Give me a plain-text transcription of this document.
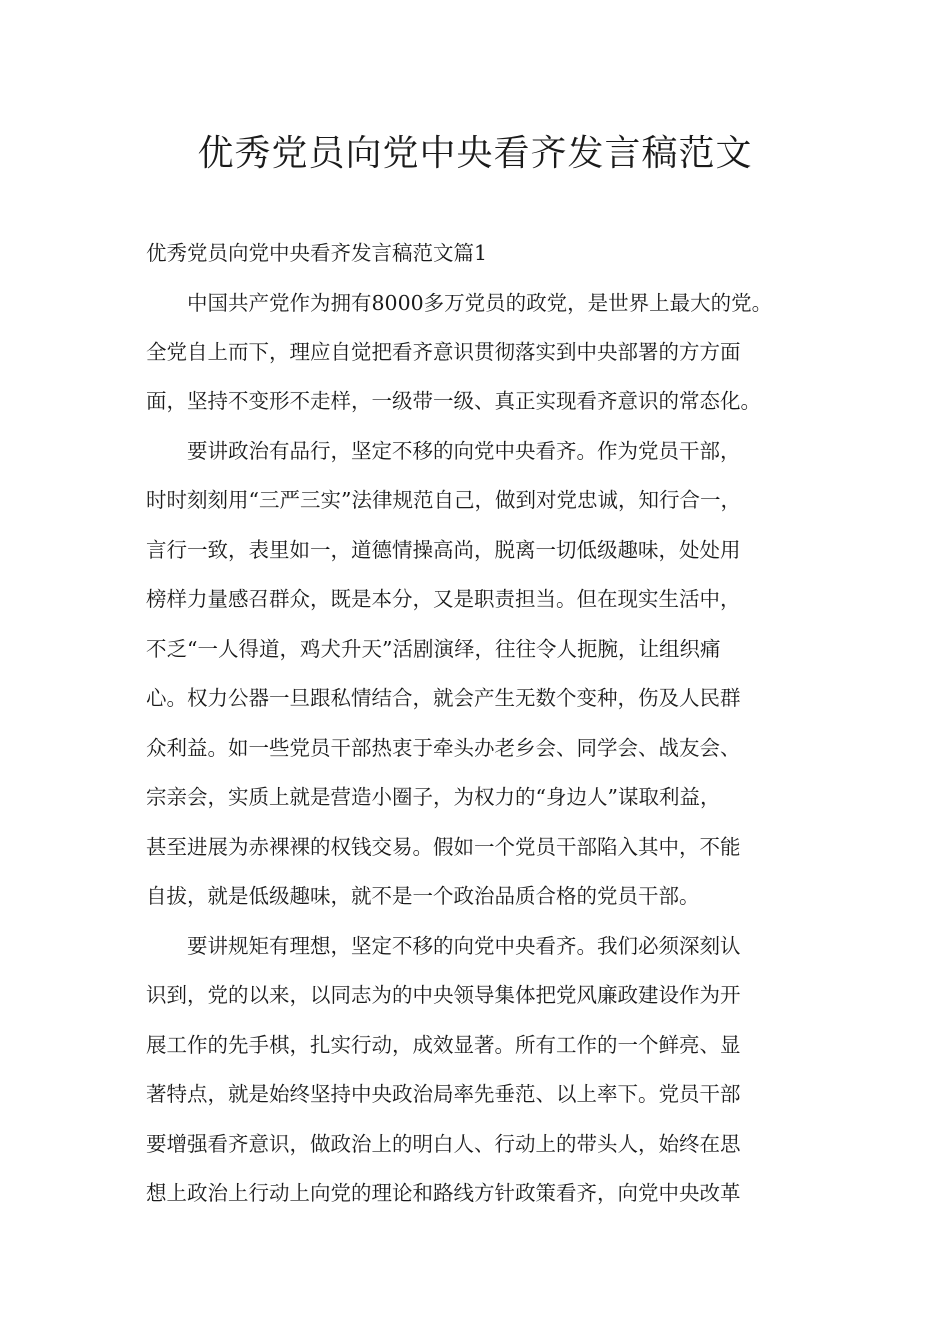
优秀党员向党中央看齐发言稿范文
优秀党员向党中央看齐发言稿范文篇1
中国共产党作为拥有8000多万党员的政党，是世界上最大的党。
全党自上而下，理应自觉把看齐意识贯彻落实到中央部署的方方面
面，坚持不变形不走样，一级带一级、真正实现看齐意识的常态化。
要讲政治有品行，坚定不移的向党中央看齐。作为党员干部，
时时刻刻用“三严三实”法律规范自己，做到对党忠诚，知行合一，
言行一致，表里如一，道德情操高尚，脱离一切低级趣味，处处用
榜样力量感召群众，既是本分，又是职责担当。但在现实生活中，
不乏“一人得道，鸡犬升天”活剧演绎，往往令人扼腕，让组织痛
心。权力公器一旦跟私情结合，就会产生无数个变种，伤及人民群
众利益。如一些党员干部热衷于牵头办老乡会、同学会、战友会、
宗亲会，实质上就是营造小圈子，为权力的“身边人”谋取利益，
甚至进展为赤裸裸的权钱交易。假如一个党员干部陷入其中，不能
自拔，就是低级趣味，就不是一个政治品质合格的党员干部。
要讲规矩有理想，坚定不移的向党中央看齐。我们必须深刻认
识到，党的以来，以同志为的中央领导集体把党风廉政建设作为开
展工作的先手棋，扎实行动，成效显著。所有工作的一个鲜亮、显
著特点，就是始终坚持中央政治局率先垂范、以上率下。党员干部
要增强看齐意识，做政治上的明白人、行动上的带头人，始终在思
想上政治上行动上向党的理论和路线方针政策看齐，向党中央改革
